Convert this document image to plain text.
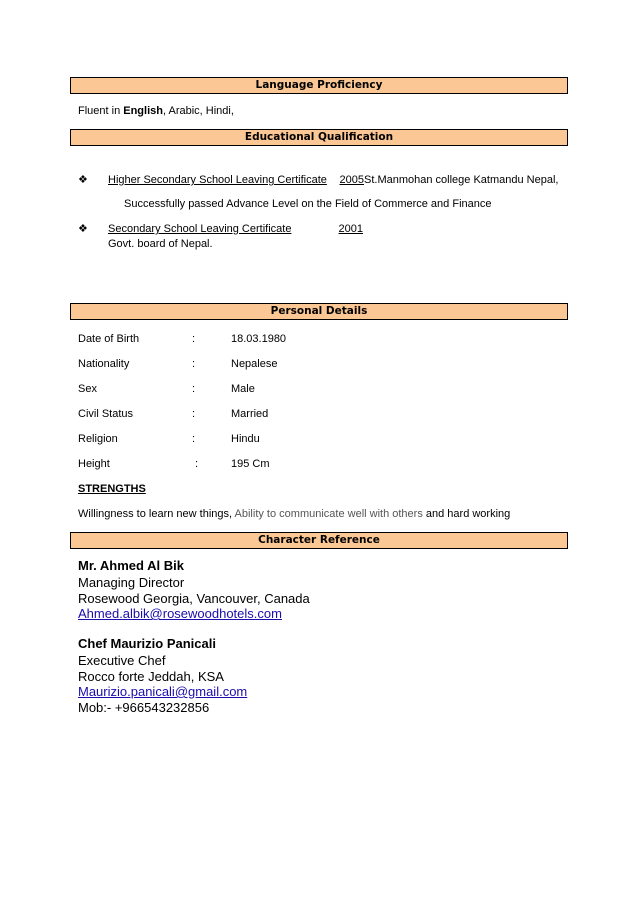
Language Proficiency
Fluent in English, Arabic, Hindi,
Educational Qualification
❖ Higher Secondary School Leaving Certificate	2005 St.Manmohan college Katmandu Nepal,
Successfully passed Advance Level on the Field of Commerce and Finance
❖ Secondary School Leaving Certificate	2001
Govt. board of Nepal.
Personal Details
Date of Birth	:	18.03.1980
Nationality	:	Nepalese
Sex	:	Male
Civil Status	:	Married
Religion	:	Hindu
Height	:	195 Cm
STRENGTHS
Willingness to learn new things, Ability to communicate well with others and hard working
Character Reference
Mr. Ahmed Al Bik
Managing Director
Rosewood Georgia, Vancouver, Canada
Ahmed.albik@rosewoodhotels.com
Chef Maurizio Panicali
Executive Chef
Rocco forte Jeddah, KSA
Maurizio.panicali@gmail.com
Mob:- +966543232856
